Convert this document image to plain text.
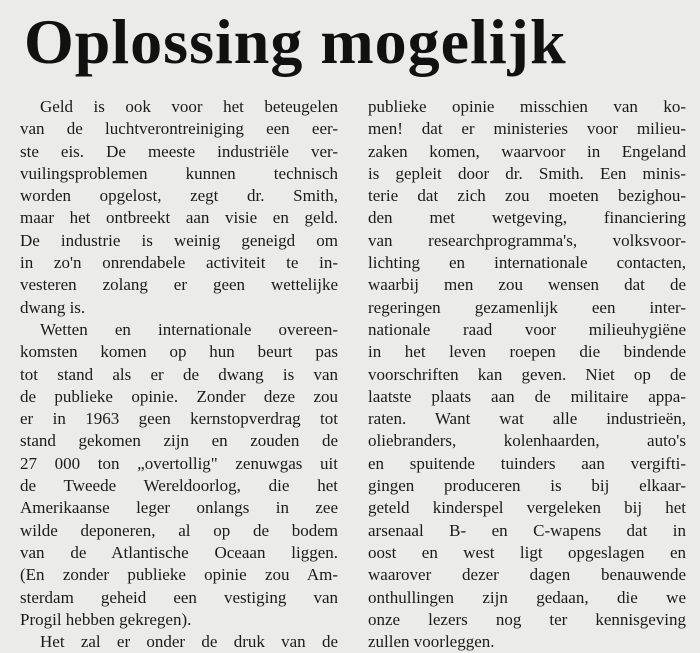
Oplossing mogelijk
Geld is ook voor het beteugelen
van de luchtverontreiniging een eer-
ste eis. De meeste industriële ver-
vuilingsproblemen kunnen technisch
worden opgelost, zegt dr. Smith,
maar het ontbreekt aan visie en geld.
De industrie is weinig geneigd om
in zo'n onrendabele activiteit te in-
vesteren zolang er geen wettelijke
dwang is.
Wetten en internationale overeen-
komsten komen op hun beurt pas
tot stand als er de dwang is van
de publieke opinie. Zonder deze zou
er in 1963 geen kernstopverdrag tot
stand gekomen zijn en zouden de
27 000 ton „overtollig" zenuwgas uit
de Tweede Wereldoorlog, die het
Amerikaanse leger onlangs in zee
wilde deponeren, al op de bodem
van de Atlantische Oceaan liggen.
(En zonder publieke opinie zou Am-
sterdam geheid een vestiging van
Progil hebben gekregen).
Het zal er onder de druk van de
publieke opinie misschien van ko-
men! dat er ministeries voor milieu-
zaken komen, waarvoor in Engeland
is gepleit door dr. Smith. Een minis-
terie dat zich zou moeten bezighou-
den met wetgeving, financiering
van researchprogramma's, volksvoor-
lichting en internationale contacten,
waarbij men zou wensen dat de
regeringen gezamenlijk een inter-
nationale raad voor milieuhygiëne
in het leven roepen die bindende
voorschriften kan geven. Niet op de
laatste plaats aan de militaire appa-
raten. Want wat alle industrieën,
oliebranders, kolenhaarden, auto's
en spuitende tuinders aan vergifti-
gingen produceren is bij elkaar-
geteld kinderspel vergeleken bij het
arsenaal B- en C-wapens dat in
oost en west ligt opgeslagen en
waarover dezer dagen benauwende
onthullingen zijn gedaan, die we
onze lezers nog ter kennisgeving
zullen voorleggen.
